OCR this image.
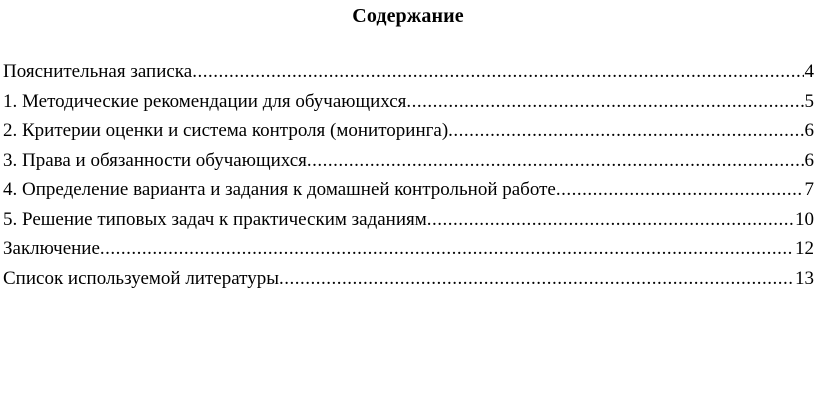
Содержание
Пояснительная записка .....	4
1. Методические рекомендации для обучающихся .....	5
2. Критерии оценки и система контроля (мониторинга) .....	6
3. Права и обязанности обучающихся .....	6
4. Определение варианта и задания к домашней контрольной работе .....	7
5. Решение типовых задач к практическим заданиям .....	10
Заключение .....	12
Список используемой литературы .....	13
